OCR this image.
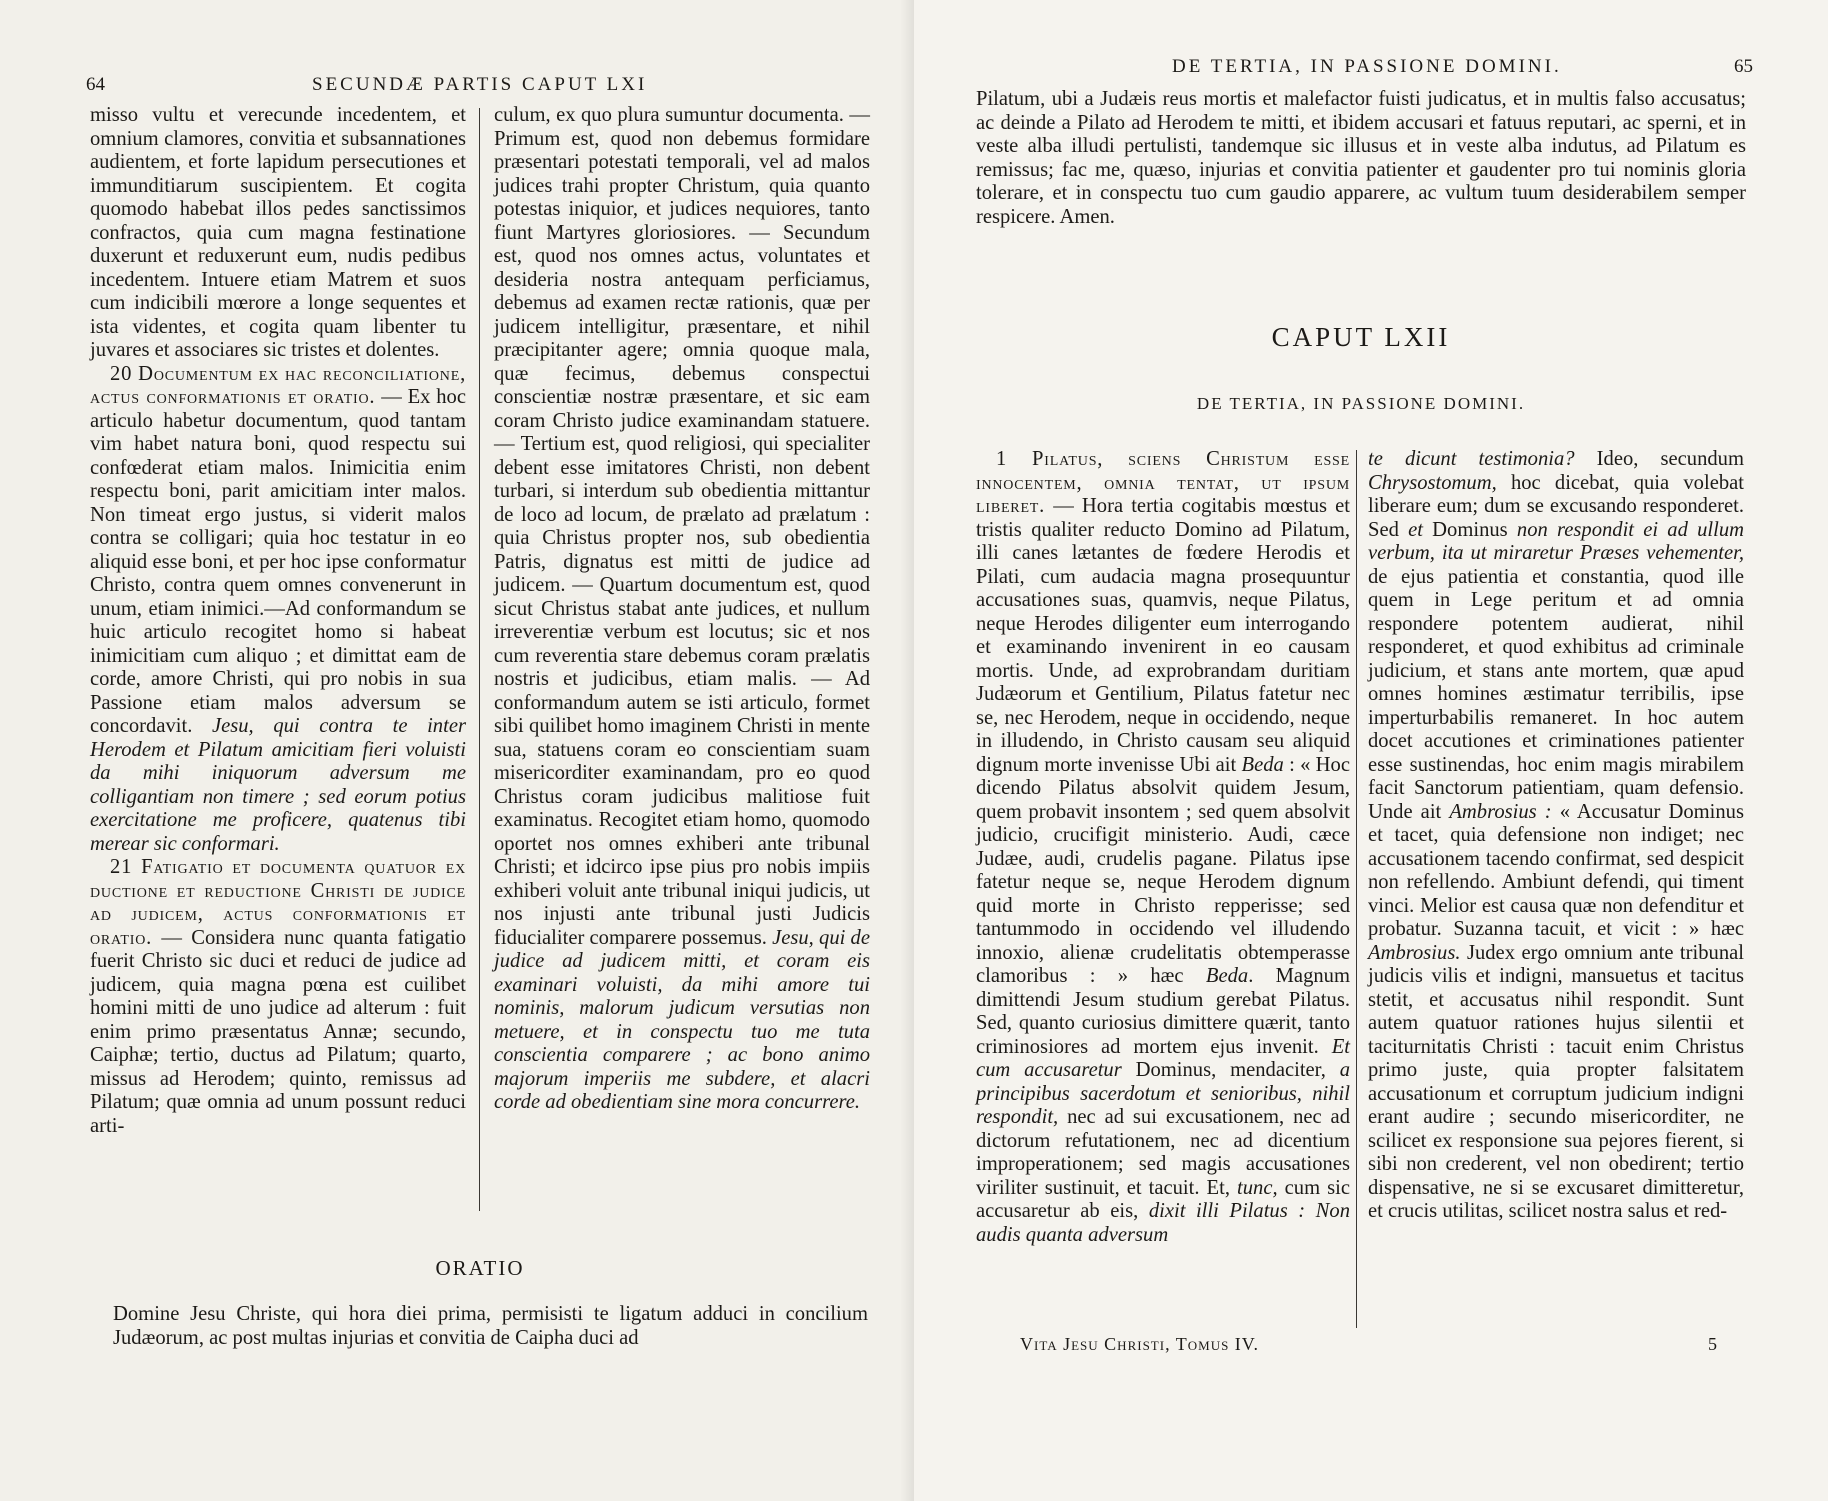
64	SECUNDÆ PARTIS CAPUT LXI

misso vultu et verecunde incedentem, et omnium clamores, convitia et subsannationes audientem, et forte lapidum persecutiones et immunditiarum suscipientem. Et cogita quomodo habebat illos pedes sanctissimos confractos, quia cum magna festinatione duxerunt et reduxerunt eum, nudis pedibus incedentem. Intuere etiam Matrem et suos cum indicibili mœrore a longe sequentes et ista videntes, et cogita quam libenter tu juvares et associares sic tristes et dolentes.

20 Documentum ex hac reconciliatione, actus conformationis et oratio. — Ex hoc articulo habetur documentum, quod tantam vim habet natura boni, quod respectu sui confœderat etiam malos. Inimicitia enim respectu boni, parit amicitiam inter malos. Non timeat ergo justus, si viderit malos contra se colligari; quia hoc testatur in eo aliquid esse boni, et per hoc ipse conformatur Christo, contra quem omnes convenerunt in unum, etiam inimici.—Ad conformandum se huic articulo recogitet homo si habeat inimicitiam cum aliquo ; et dimittat eam de corde, amore Christi, qui pro nobis in sua Passione etiam malos adversum se concordavit. Jesu, qui contra te inter Herodem et Pilatum amicitiam fieri voluisti da mihi iniquorum adversum me colligantiam non timere ; sed eorum potius exercitatione me proficere, quatenus tibi merear sic conformari.

21 Fatigatio et documenta quatuor ex ductione et reductione Christi de judice ad judicem, actus conformationis et oratio. — Considera nunc quanta fatigatio fuerit Christo sic duci et reduci de judice ad judicem, quia magna pœna est cuilibet homini mitti de uno judice ad alterum : fuit enim primo præsentatus Annæ; secundo, Caiphæ; tertio, ductus ad Pilatum; quarto, missus ad Herodem; quinto, remissus ad Pilatum; quæ omnia ad unum possunt reduci arti-

culum, ex quo plura sumuntur documenta. — Primum est, quod non debemus formidare præsentari potestati temporali, vel ad malos judices trahi propter Christum, quia quanto potestas iniquior, et judices nequiores, tanto fiunt Martyres gloriosiores. — Secundum est, quod nos omnes actus, voluntates et desideria nostra antequam perficiamus, debemus ad examen rectæ rationis, quæ per judicem intelligitur, præsentare, et nihil præcipitanter agere; omnia quoque mala, quæ fecimus, debemus conspectui conscientiæ nostræ præsentare, et sic eam coram Christo judice examinandam statuere. — Tertium est, quod religiosi, qui specialiter debent esse imitatores Christi, non debent turbari, si interdum sub obedientia mittantur de loco ad locum, de prælato ad prælatum : quia Christus propter nos, sub obedientia Patris, dignatus est mitti de judice ad judicem. — Quartum documentum est, quod sicut Christus stabat ante judices, et nullum irreverentiæ verbum est locutus; sic et nos cum reverentia stare debemus coram prælatis nostris et judicibus, etiam malis. — Ad conformandum autem se isti articulo, formet sibi quilibet homo imaginem Christi in mente sua, statuens coram eo conscientiam suam misericorditer examinandam, pro eo quod Christus coram judicibus malitiose fuit examinatus. Recogitet etiam homo, quomodo oportet nos omnes exhiberi ante tribunal Christi; et idcirco ipse pius pro nobis impiis exhiberi voluit ante tribunal iniqui judicis, ut nos injusti ante tribunal justi Judicis fiducialiter comparere possemus. Jesu, qui de judice ad judicem mitti, et coram eis examinari voluisti, da mihi amore tui nominis, malorum judicum versutias non metuere, et in conspectu tuo me tuta conscientia comparere ; ac bono animo majorum imperiis me subdere, et alacri corde ad obedientiam sine mora concurrere.

ORATIO

Domine Jesu Christe, qui hora diei prima, permisisti te ligatum adduci in concilium Judæorum, ac post multas injurias et convitia de Caipha duci ad

DE TERTIA, IN PASSIONE DOMINI.	65

Pilatum, ubi a Judæis reus mortis et malefactor fuisti judicatus, et in multis falso accusatus; ac deinde a Pilato ad Herodem te mitti, et ibidem accusari et fatuus reputari, ac sperni, et in veste alba illudi pertulisti, tandemque sic illusus et in veste alba indutus, ad Pilatum es remissus; fac me, quæso, injurias et convitia patienter et gaudenter pro tui nominis gloria tolerare, et in conspectu tuo cum gaudio apparere, ac vultum tuum desiderabilem semper respicere. Amen.

CAPUT LXII
DE TERTIA, IN PASSIONE DOMINI.

1 Pilatus, sciens Christum esse innocentem, omnia tentat, ut ipsum liberet. — Hora tertia cogitabis mœstus et tristis qualiter reducto Domino ad Pilatum, illi canes lætantes de fœdere Herodis et Pilati, cum audacia magna prosequuntur accusationes suas, quamvis, neque Pilatus, neque Herodes diligenter eum interrogando et examinando invenirent in eo causam mortis. Unde, ad exprobrandam duritiam Judæorum et Gentilium, Pilatus fatetur nec se, nec Herodem, neque in occidendo, neque in illudendo, in Christo causam seu aliquid dignum morte invenisse Ubi ait Beda : « Hoc dicendo Pilatus absolvit quidem Jesum, quem probavit insontem ; sed quem absolvit judicio, crucifigit ministerio. Audi, cæce Judæe, audi, crudelis pagane. Pilatus ipse fatetur neque se, neque Herodem dignum quid morte in Christo repperisse; sed tantummodo in occidendo vel illudendo innoxio, alienæ crudelitatis obtemperasse clamoribus : » hæc Beda. Magnum dimittendi Jesum studium gerebat Pilatus. Sed, quanto curiosius dimittere quærit, tanto criminosiores ad mortem ejus invenit. Et cum accusaretur Dominus, mendaciter, a principibus sacerdotum et senioribus, nihil respondit, nec ad sui excusationem, nec ad dictorum refutationem, nec ad dicentium improperationem; sed magis accusationes viriliter sustinuit, et tacuit. Et, tunc, cum sic accusaretur ab eis, dixit illi Pilatus : Non audis quanta adversum

te dicunt testimonia? Ideo, secundum Chrysostomum, hoc dicebat, quia volebat liberare eum; dum se excusando responderet. Sed et Dominus non respondit ei ad ullum verbum, ita ut miraretur Præses vehementer, de ejus patientia et constantia, quod ille quem in Lege peritum et ad omnia respondere potentem audierat, nihil responderet, et quod exhibitus ad criminale judicium, et stans ante mortem, quæ apud omnes homines æstimatur terribilis, ipse imperturbabilis remaneret. In hoc autem docet accutiones et criminationes patienter esse sustinendas, hoc enim magis mirabilem facit Sanctorum patientiam, quam defensio. Unde ait Ambrosius : « Accusatur Dominus et tacet, quia defensione non indiget; nec accusationem tacendo confirmat, sed despicit non refellendo. Ambiunt defendi, qui timent vinci. Melior est causa quæ non defenditur et probatur. Suzanna tacuit, et vicit : » hæc Ambrosius. Judex ergo omnium ante tribunal judicis vilis et indigni, mansuetus et tacitus stetit, et accusatus nihil respondit. Sunt autem quatuor rationes hujus silentii et taciturnitatis Christi : tacuit enim Christus primo juste, quia propter falsitatem accusationum et corruptum judicium indigni erant audire ; secundo misericorditer, ne scilicet ex responsione sua pejores fierent, si sibi non crederent, vel non obedirent; tertio dispensative, ne si se excusaret dimitteretur, et crucis utilitas, scilicet nostra salus et red-

Vita Jesu Christi, Tomus IV.	5
